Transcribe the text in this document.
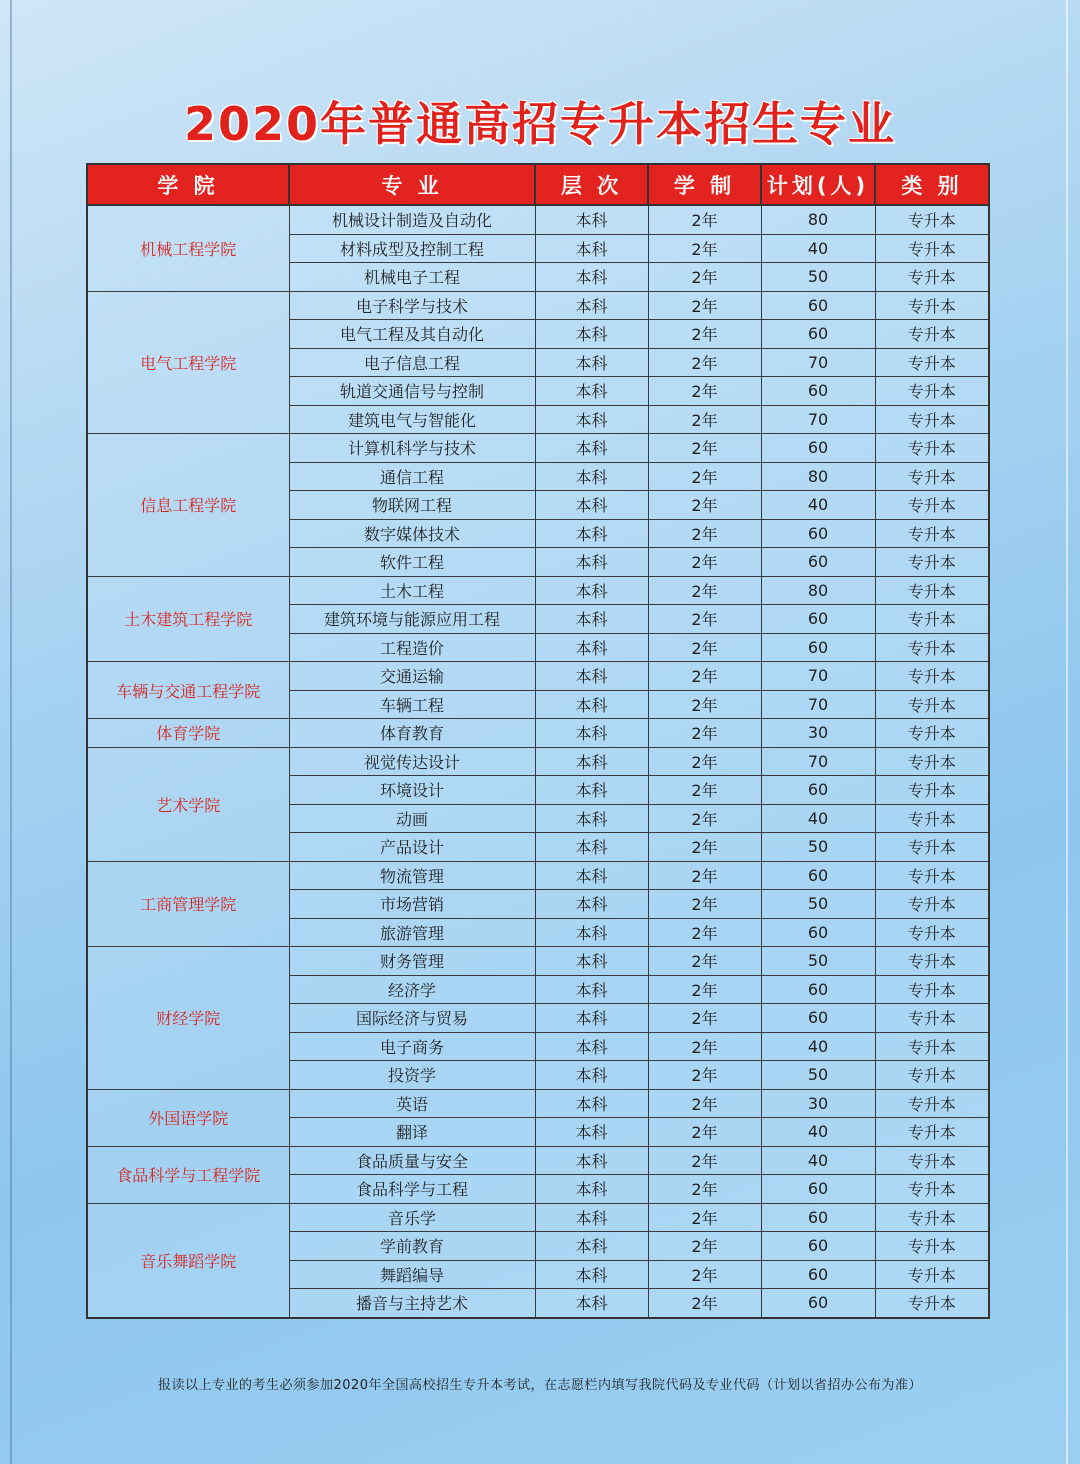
2020年普通高招专升本招生专业
学 院	专 业	层 次	学 制	计划(人)	类 别
机械工程学院	机械设计制造及自动化	本科	2年	80	专升本
	材料成型及控制工程	本科	2年	40	专升本
	机械电子工程	本科	2年	50	专升本
电气工程学院	电子科学与技术	本科	2年	60	专升本
	电气工程及其自动化	本科	2年	60	专升本
	电子信息工程	本科	2年	70	专升本
	轨道交通信号与控制	本科	2年	60	专升本
	建筑电气与智能化	本科	2年	70	专升本
信息工程学院	计算机科学与技术	本科	2年	60	专升本
	通信工程	本科	2年	80	专升本
	物联网工程	本科	2年	40	专升本
	数字媒体技术	本科	2年	60	专升本
	软件工程	本科	2年	60	专升本
土木建筑工程学院	土木工程	本科	2年	80	专升本
	建筑环境与能源应用工程	本科	2年	60	专升本
	工程造价	本科	2年	60	专升本
车辆与交通工程学院	交通运输	本科	2年	70	专升本
	车辆工程	本科	2年	70	专升本
体育学院	体育教育	本科	2年	30	专升本
艺术学院	视觉传达设计	本科	2年	70	专升本
	环境设计	本科	2年	60	专升本
	动画	本科	2年	40	专升本
	产品设计	本科	2年	50	专升本
工商管理学院	物流管理	本科	2年	60	专升本
	市场营销	本科	2年	50	专升本
	旅游管理	本科	2年	60	专升本
财经学院	财务管理	本科	2年	50	专升本
	经济学	本科	2年	60	专升本
	国际经济与贸易	本科	2年	60	专升本
	电子商务	本科	2年	40	专升本
	投资学	本科	2年	50	专升本
外国语学院	英语	本科	2年	30	专升本
	翻译	本科	2年	40	专升本
食品科学与工程学院	食品质量与安全	本科	2年	40	专升本
	食品科学与工程	本科	2年	60	专升本
音乐舞蹈学院	音乐学	本科	2年	60	专升本
	学前教育	本科	2年	60	专升本
	舞蹈编导	本科	2年	60	专升本
	播音与主持艺术	本科	2年	60	专升本
报读以上专业的考生必须参加2020年全国高校招生专升本考试，在志愿栏内填写我院代码及专业代码（计划以省招办公布为准）
